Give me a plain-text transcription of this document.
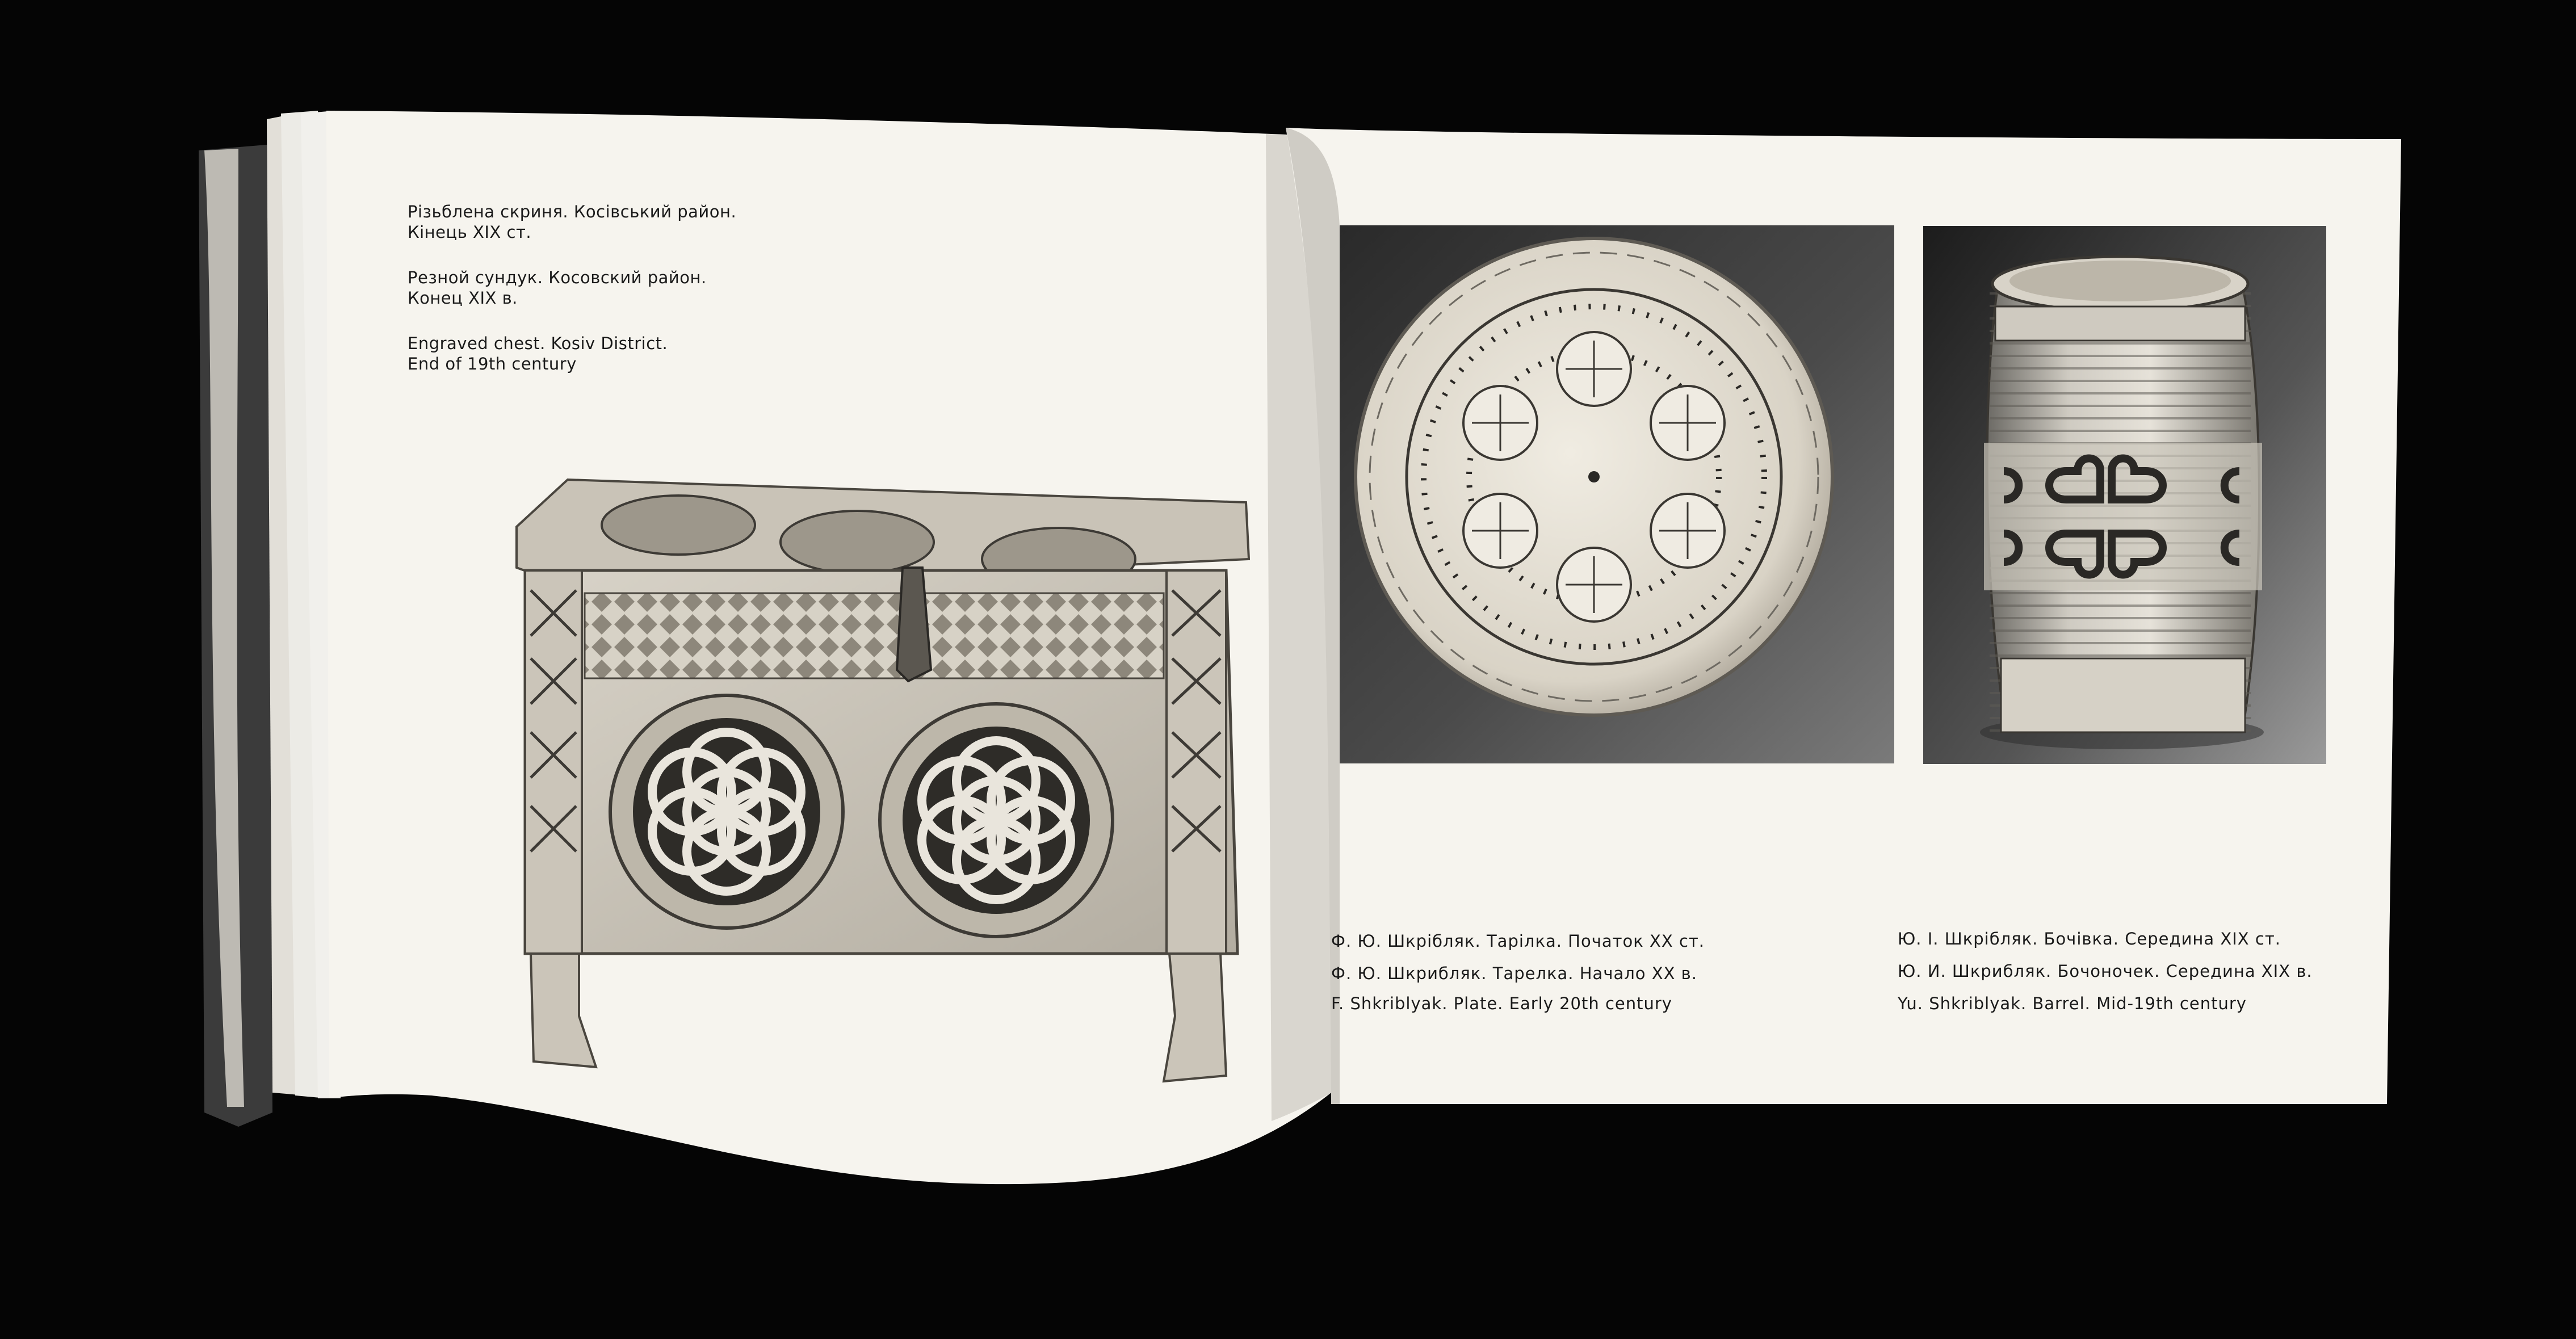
Різьблена скриня. Косівський район.
Кінець XIX ст.

Резной сундук. Косовский район.
Конец XIX в.

Engraved chest. Kosiv District.
End of 19th century

Ф. Ю. Шкрібляк. Тарілка. Початок XX ст.

Ф. Ю. Шкрибляк. Тарелка. Начало XX в.

F. Shkriblyak. Plate. Early 20th century

Ю. І. Шкрібляк. Бочівка. Середина XIX ст.

Ю. И. Шкрибляк. Бочоночек. Середина XIX в.

Yu. Shkriblyak. Barrel. Mid-19th century
